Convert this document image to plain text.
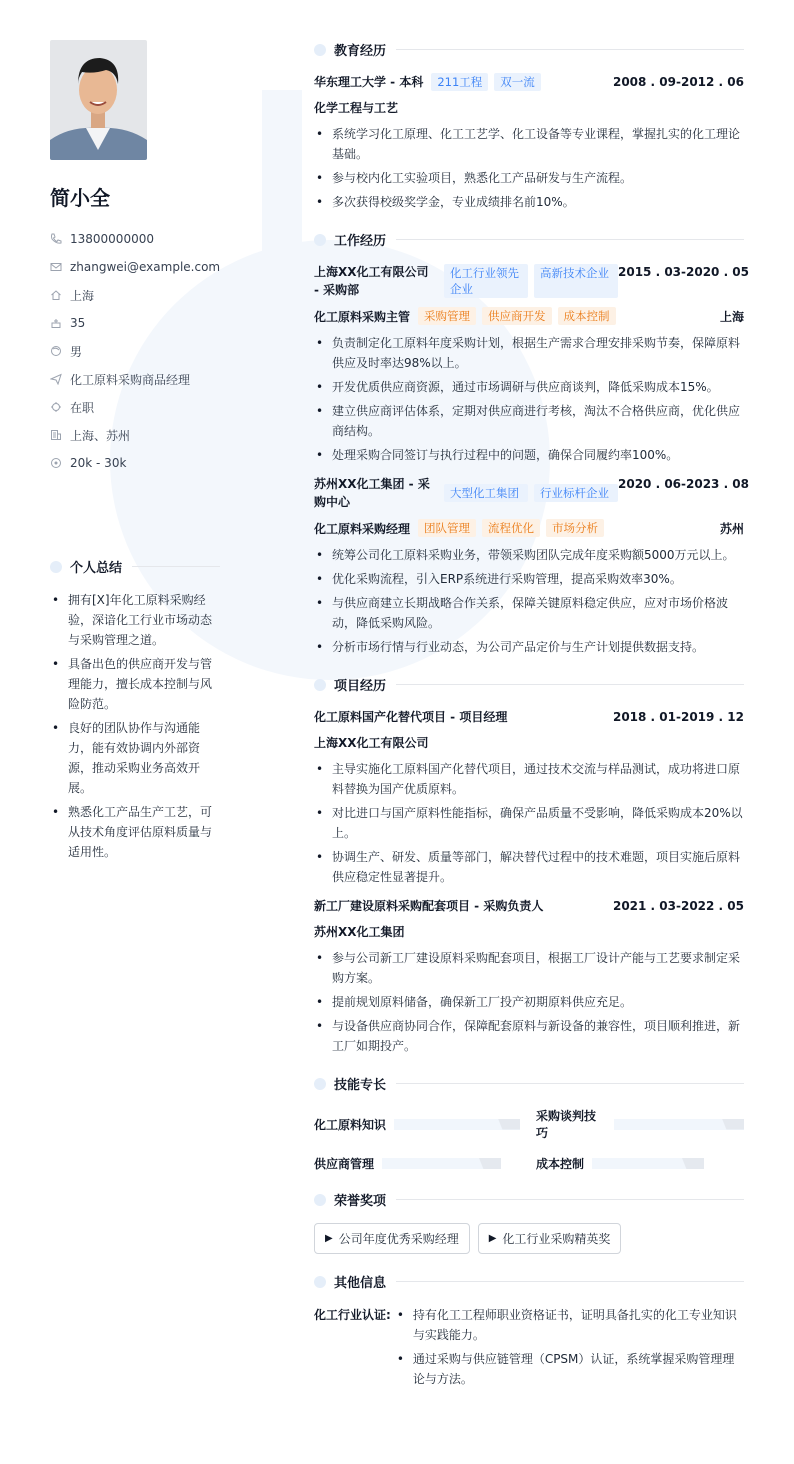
简小全
13800000000
zhangwei@example.com
上海
35
男
化工原料采购商品经理
在职
上海、苏州
20k - 30k
个人总结
• 拥有[X]年化工原料采购经验，深谙化工行业市场动态与采购管理之道。
• 具备出色的供应商开发与管理能力，擅长成本控制与风险防范。
• 良好的团队协作与沟通能力，能有效协调内外部资源，推动采购业务高效开展。
• 熟悉化工产品生产工艺，可从技术角度评估原料质量与适用性。
教育经历
华东理工大学 - 本科	211工程	双一流	2008 . 09-2012 . 06
化学工程与工艺
• 系统学习化工原理、化工工艺学、化工设备等专业课程，掌握扎实的化工理论基础。
• 参与校内化工实验项目，熟悉化工产品研发与生产流程。
• 多次获得校级奖学金，专业成绩排名前10%。
工作经历
上海XX化工有限公司 - 采购部
化工行业领先企业
高新技术企业 2015 . 03-2020 . 05
化工原料采购主管	采购管理	供应商开发	成本控制	上海
• 负责制定化工原料年度采购计划，根据生产需求合理安排采购节奏，保障原料供应及时率达98%以上。
• 开发优质供应商资源，通过市场调研与供应商谈判，降低采购成本15%。
• 建立供应商评估体系，定期对供应商进行考核，淘汰不合格供应商，优化供应商结构。
• 处理采购合同签订与执行过程中的问题，确保合同履约率100%。
苏州XX化工集团 - 采购中心
大型化工集团	行业标杆企业
2020 . 06-2023 . 08
化工原料采购经理	团队管理	流程优化	市场分析	苏州
• 统筹公司化工原料采购业务，带领采购团队完成年度采购额5000万元以上。
• 优化采购流程，引入ERP系统进行采购管理，提高采购效率30%。
• 与供应商建立长期战略合作关系，保障关键原料稳定供应，应对市场价格波动，降低采购风险。
• 分析市场行情与行业动态，为公司产品定价与生产计划提供数据支持。
项目经历
化工原料国产化替代项目 - 项目经理	2018 . 01-2019 . 12
上海XX化工有限公司
• 主导实施化工原料国产化替代项目，通过技术交流与样品测试，成功将进口原料替换为国产优质原料。
• 对比进口与国产原料性能指标，确保产品质量不受影响，降低采购成本20%以上。
• 协调生产、研发、质量等部门，解决替代过程中的技术难题，项目实施后原料供应稳定性显著提升。
新工厂建设原料采购配套项目 - 采购负责人	2021 . 03-2022 . 05
苏州XX化工集团
• 参与公司新工厂建设原料采购配套项目，根据工厂设计产能与工艺要求制定采购方案。
• 提前规划原料储备，确保新工厂投产初期原料供应充足。
• 与设备供应商协同合作，保障配套原料与新设备的兼容性，项目顺利推进，新工厂如期投产。
技能专长
化工原料知识
采购谈判技巧
供应商管理	成本控制
荣誉奖项
▶ 公司年度优秀采购经理	▶ 化工行业采购精英奖
其他信息
化工行业认证:
•	持有化工工程师职业资格证书，证明具备扎实的化工专业知识与实践能力。
• 通过采购与供应链管理（CPSM）认证，系统掌握采购管理理论与方法。
